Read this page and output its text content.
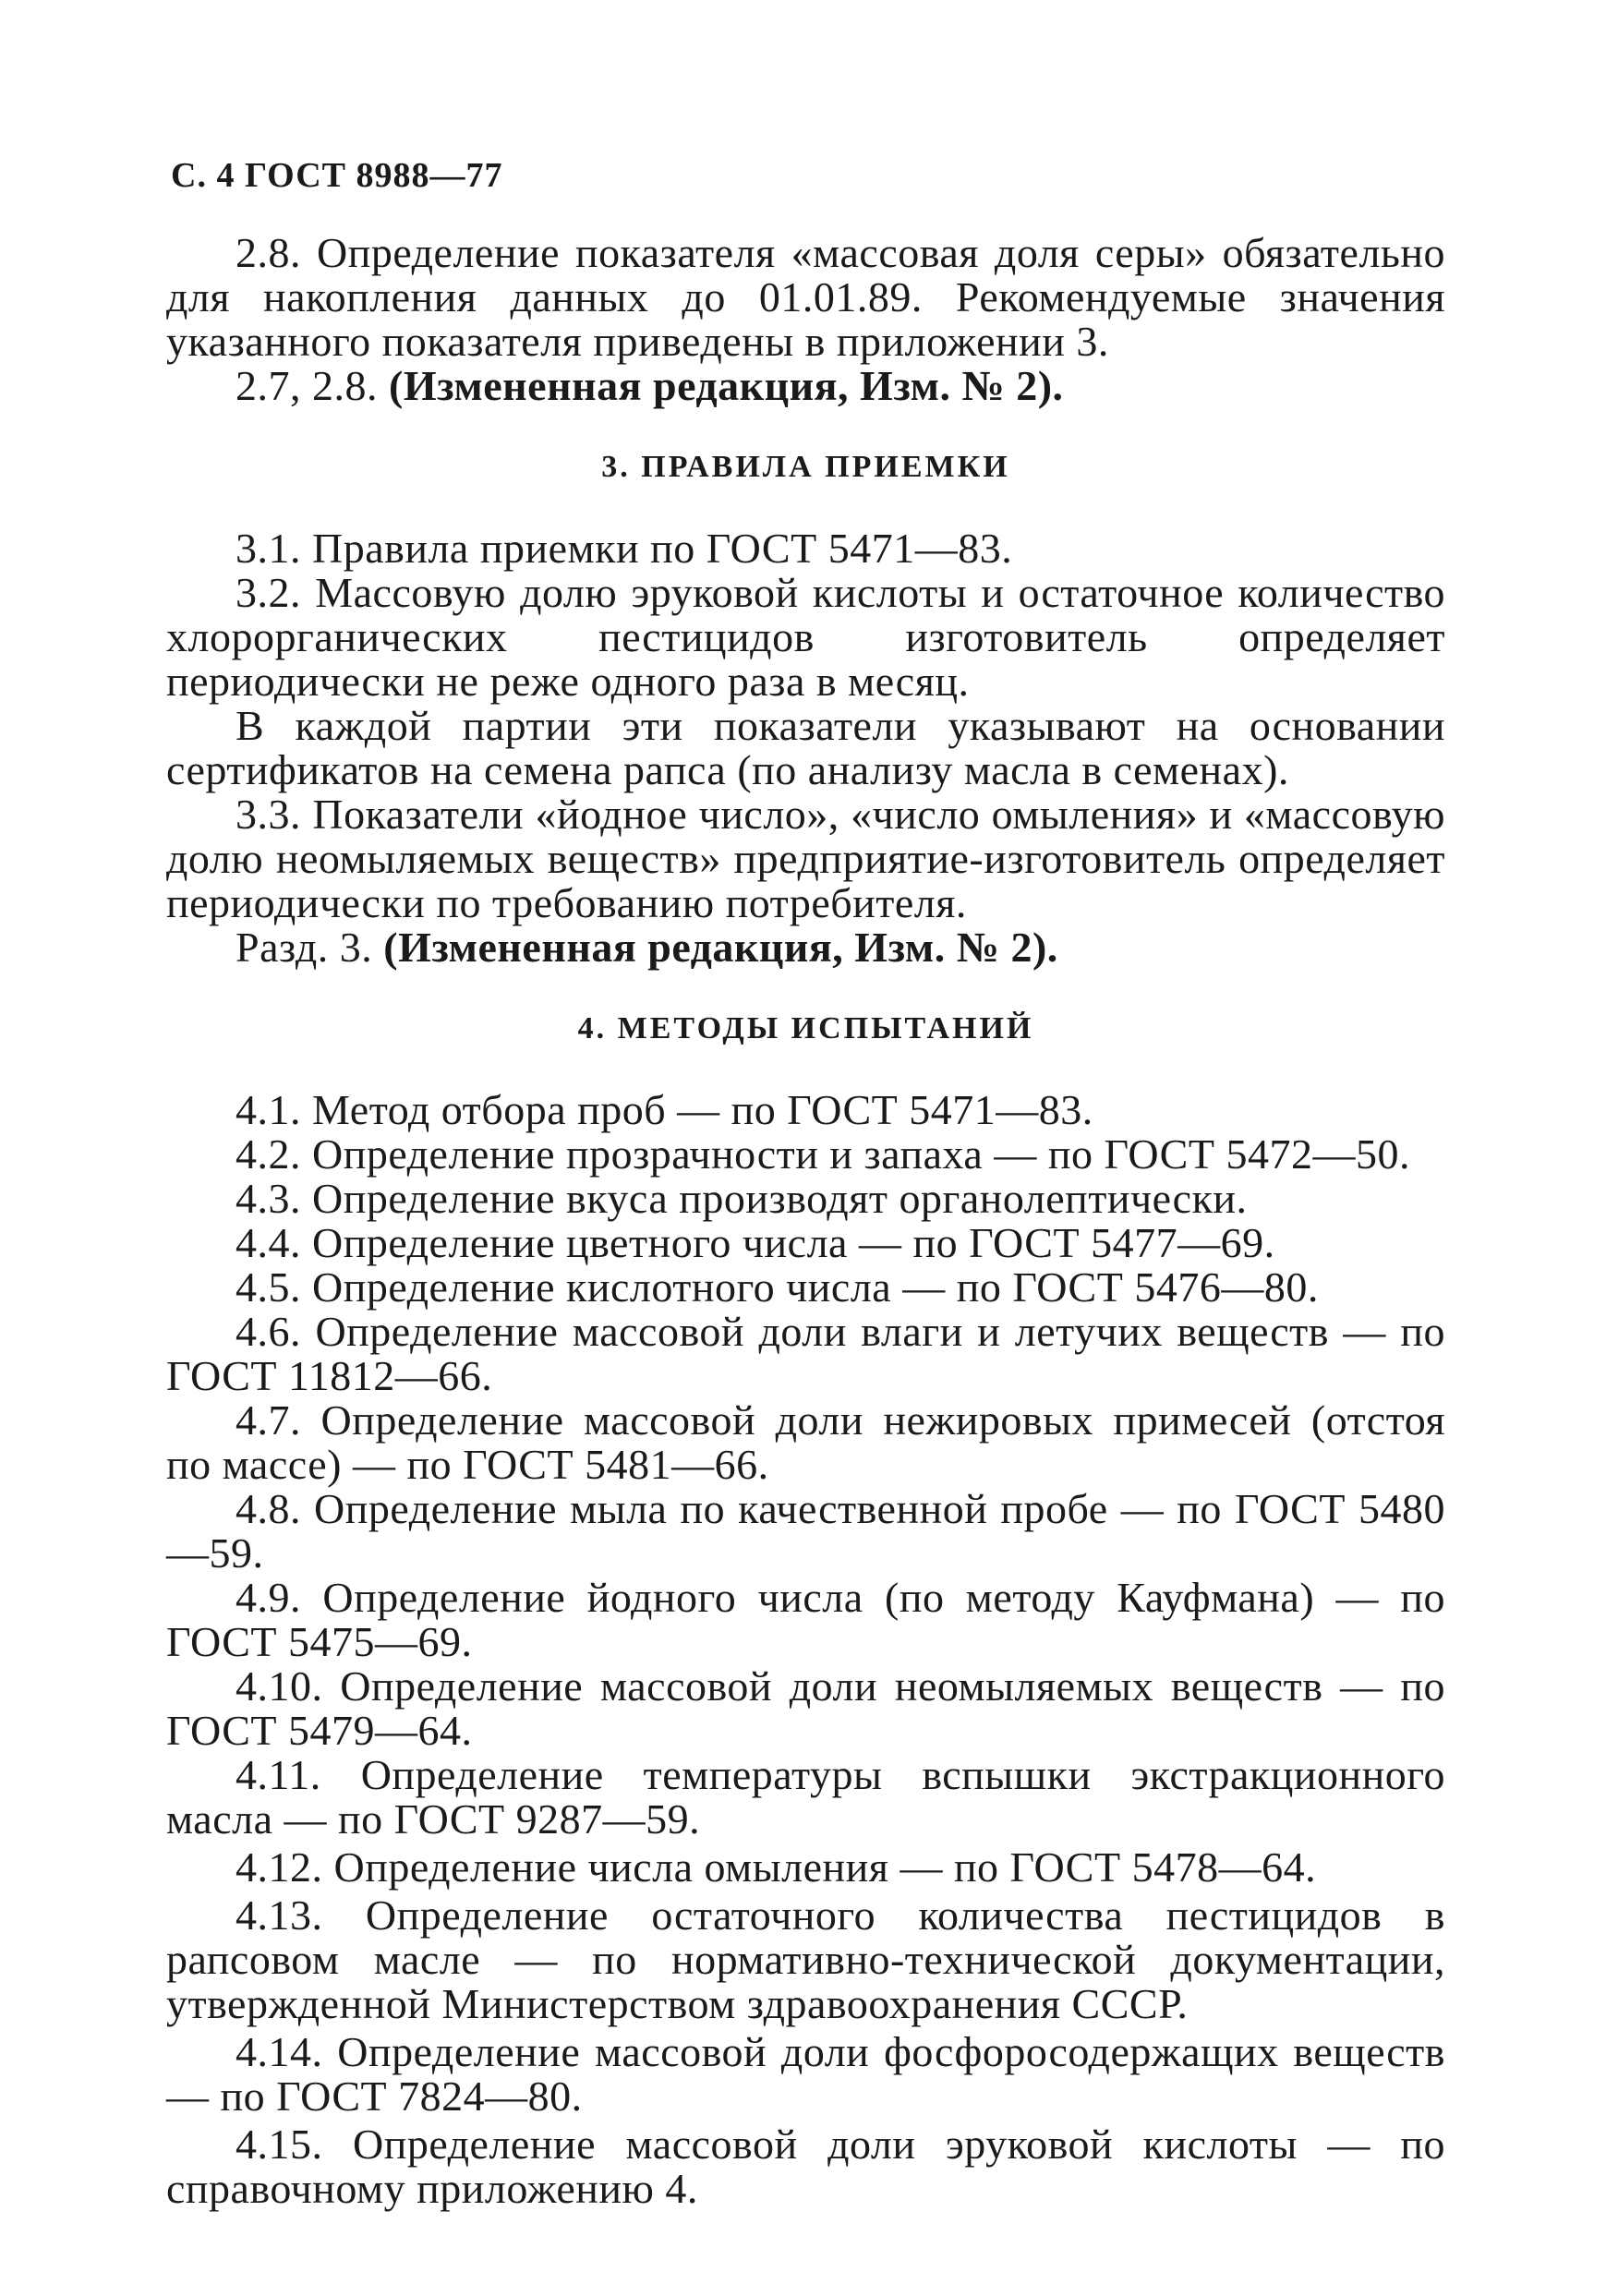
С. 4 ГОСТ 8988—77

2.8. Определение показателя «массовая доля серы» обязательно для накопления данных до 01.01.89. Рекомендуемые значения указанного показателя приведены в приложении 3.

2.7, 2.8. (Измененная редакция, Изм. № 2).

3. ПРАВИЛА ПРИЕМКИ

3.1. Правила приемки по ГОСТ 5471—83.

3.2. Массовую долю эруковой кислоты и остаточное количество хлорорганических пестицидов изготовитель определяет периодически не реже одного раза в месяц.

В каждой партии эти показатели указывают на основании сертификатов на семена рапса (по анализу масла в семенах).

3.3. Показатели «йодное число», «число омыления» и «массовую долю неомыляемых веществ» предприятие-изготовитель определяет периодически по требованию потребителя.

Разд. 3. (Измененная редакция, Изм. № 2).

4. МЕТОДЫ ИСПЫТАНИЙ

4.1. Метод отбора проб — по ГОСТ 5471—83.

4.2. Определение прозрачности и запаха — по ГОСТ 5472—50.

4.3. Определение вкуса производят органолептически.

4.4. Определение цветного числа — по ГОСТ 5477—69.

4.5. Определение кислотного числа — по ГОСТ 5476—80.

4.6. Определение массовой доли влаги и летучих веществ — по ГОСТ 11812—66.

4.7. Определение массовой доли нежировых примесей (отстоя по массе) — по ГОСТ 5481—66.

4.8. Определение мыла по качественной пробе — по ГОСТ 5480—59.

4.9. Определение йодного числа (по методу Кауфмана) — по ГОСТ 5475—69.

4.10. Определение массовой доли неомыляемых веществ — по ГОСТ 5479—64.

4.11. Определение температуры вспышки экстракционного масла — по ГОСТ 9287—59.

4.12. Определение числа омыления — по ГОСТ 5478—64.

4.13. Определение остаточного количества пестицидов в рапсовом масле — по нормативно-технической документации, утвержденной Министерством здравоохранения СССР.

4.14. Определение массовой доли фосфоросодержащих веществ — по ГОСТ 7824—80.

4.15. Определение массовой доли эруковой кислоты — по справочному приложению 4.
